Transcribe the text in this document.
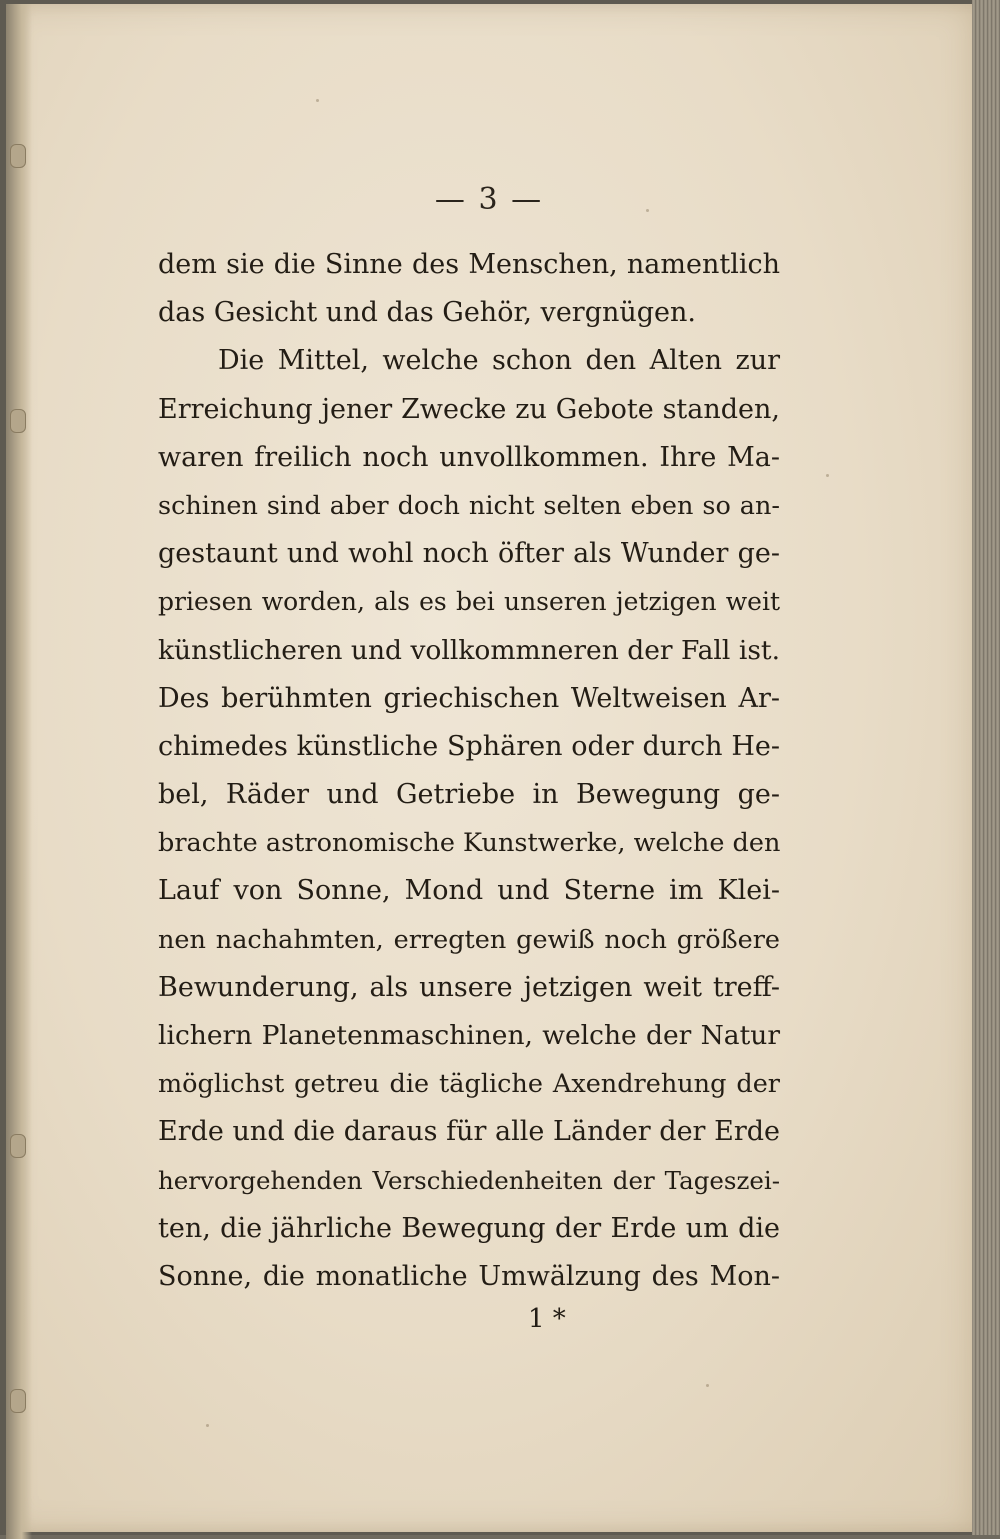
— 3 —
dem sie die Sinne des Menschen, namentlich
das Gesicht und das Gehör, vergnügen.
Die Mittel, welche schon den Alten zur
Erreichung jener Zwecke zu Gebote standen,
waren freilich noch unvollkommen. Ihre Ma-
schinen sind aber doch nicht selten eben so an-
gestaunt und wohl noch öfter als Wunder ge-
priesen worden, als es bei unseren jetzigen weit
künstlicheren und vollkommneren der Fall ist.
Des berühmten griechischen Weltweisen Ar-
chimedes künstliche Sphären oder durch He-
bel, Räder und Getriebe in Bewegung ge-
brachte astronomische Kunstwerke, welche den
Lauf von Sonne, Mond und Sterne im Klei-
nen nachahmten, erregten gewiß noch größere
Bewunderung, als unsere jetzigen weit treff-
lichern Planetenmaschinen, welche der Natur
möglichst getreu die tägliche Axendrehung der
Erde und die daraus für alle Länder der Erde
hervorgehenden Verschiedenheiten der Tageszei-
ten, die jährliche Bewegung der Erde um die
Sonne, die monatliche Umwälzung des Mon-
1 *
